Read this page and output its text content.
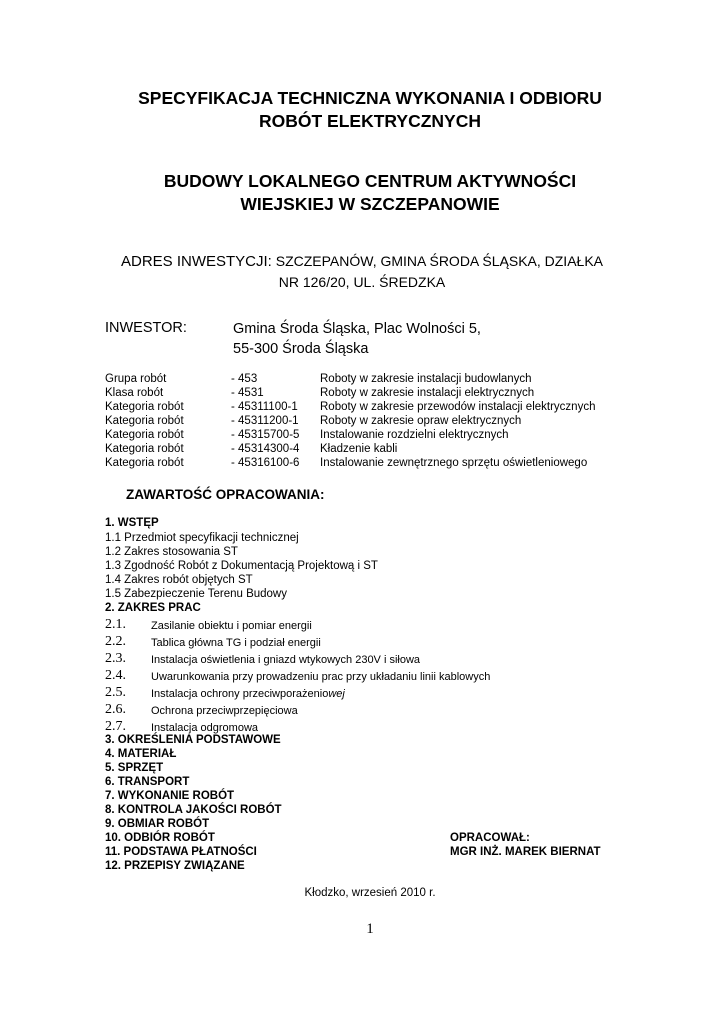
SPECYFIKACJA TECHNICZNA WYKONANIA I ODBIORU
ROBÓT ELEKTRYCZNYCH
BUDOWY LOKALNEGO CENTRUM AKTYWNOŚCI
WIEJSKIEJ W SZCZEPANOWIE
ADRES INWESTYCJI: SZCZEPANÓW, GMINA ŚRODA ŚLĄSKA, DZIAŁKA
NR 126/20, UL. ŚREDZKA
INWESTOR:	Gmina Środa Śląska, Plac Wolności 5,
55-300 Środa Śląska
Grupa robót	- 453	Roboty w zakresie instalacji budowlanych
Klasa robót	- 4531	Roboty w zakresie instalacji elektrycznych
Kategoria robót	- 45311100-1 Roboty w zakresie przewodów instalacji elektrycznych
Kategoria robót	- 45311200-1 Roboty w zakresie opraw elektrycznych
Kategoria robót	- 45315700-5 Instalowanie rozdzielni elektrycznych
Kategoria robót	- 45314300-4 Kładzenie kabli
Kategoria robót	- 45316100-6 Instalowanie zewnętrznego sprzętu oświetleniowego
ZAWARTOŚĆ OPRACOWANIA:
1. WSTĘP
1.1 Przedmiot specyfikacji technicznej
1.2 Zakres stosowania ST
1.3 Zgodność Robót z Dokumentacją Projektową i ST
1.4 Zakres robót objętych ST
1.5 Zabezpieczenie Terenu Budowy
2. ZAKRES PRAC
2.1. Zasilanie obiektu i pomiar energii
2.2. Tablica główna TG i podział energii
2.3. Instalacja oświetlenia i gniazd wtykowych 230V i siłowa
2.4. Uwarunkowania przy prowadzeniu prac przy układaniu linii kablowych
2.5. Instalacja ochrony przeciwporażeniowej
2.6. Ochrona przeciwprzepięciowa
2.7. Instalacja odgromowa
3. OKREŚLENIA PODSTAWOWE
4. MATERIAŁ
5. SPRZĘT
6. TRANSPORT
7. WYKONANIE ROBÓT
8. KONTROLA JAKOŚCI ROBÓT
9. OBMIAR ROBÓT
10. ODBIÓR ROBÓT
11. PODSTAWA PŁATNOŚCI
12. PRZEPISY ZWIĄZANE
OPRACOWAŁ:
MGR INŻ. MAREK BIERNAT
Kłodzko, wrzesień 2010 r.
1
